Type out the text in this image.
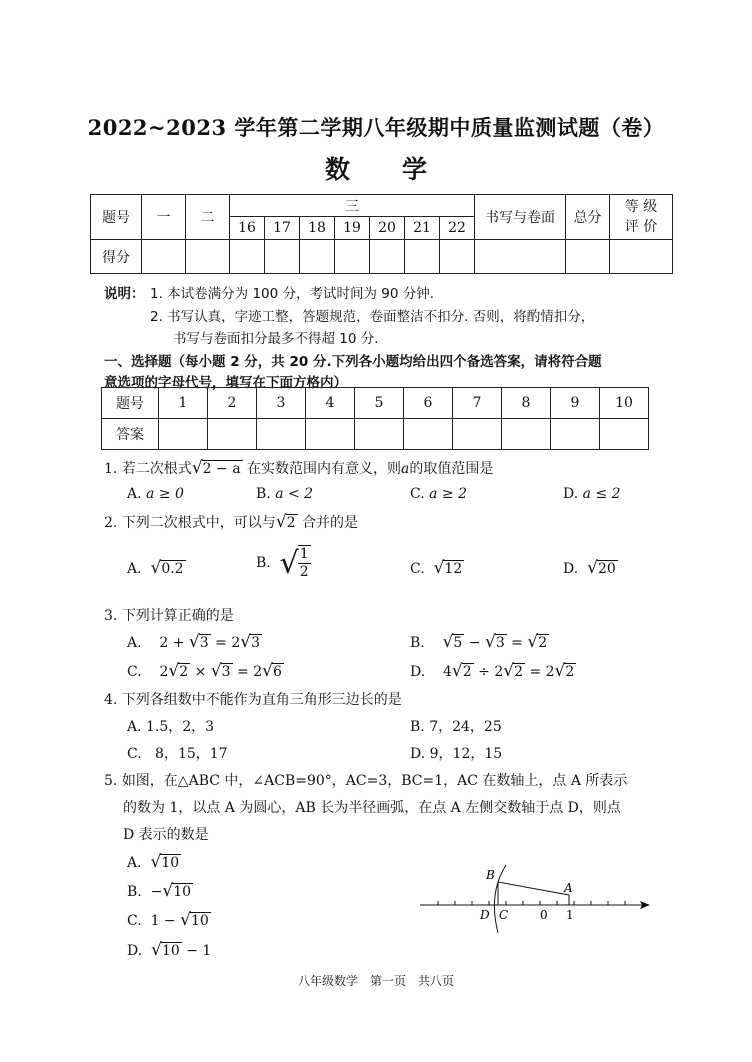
2022~2023 学年第二学期八年级期中质量监测试题（卷）
数学
题号	一	二	三							书写与卷面	总分	等 级 评 价
			16	17	18	19	20	21	22			
得分												
说明： 1. 本试卷满分为 100 分，考试时间为 90 分钟.
2. 书写认真，字迹工整，答题规范，卷面整洁不扣分. 否则，将酌情扣分，
书写与卷面扣分最多不得超 10 分.
一、选择题（每小题 2 分，共 20 分.下列各小题均给出四个备选答案，请将符合题
意选项的字母代号，填写在下面方格内）
题号	1	2	3	4	5	6	7	8	9	10
答案										
1. 若二次根式√2 − a 在实数范围内有意义，则a的取值范围是
A. a ≥ 0	B. a < 2	C. a ≥ 2	D. a ≤ 2
2. 下列二次根式中，可以与√2 合并的是
A. √0.2	B. √ $\frac{1}{2}$	C. √12	D. √20
3. 下列计算正确的是
A. 2 + √3 = 2√3	B. √5 − √3 = √2
C. 2√2 × √3 = 2√6	D. 4√2 ÷ 2√2 = 2√2
4. 下列各组数中不能作为直角三角形三边长的是
A. 1.5，2，3	B. 7，24，25
C. 8，15，17	D. 9，12，15
5. 如图，在△ABC 中，∠ACB=90°，AC=3，BC=1，AC 在数轴上，点 A 所表示
的数为 1，以点 A 为圆心，AB 长为半径画弧，在点 A 左侧交数轴于点 D，则点
D 表示的数是
A. √10
B. −√10
C. 1 − √10
D. √10 − 1
B
A
D C	0 1
八年级数学　第一页　共八页
